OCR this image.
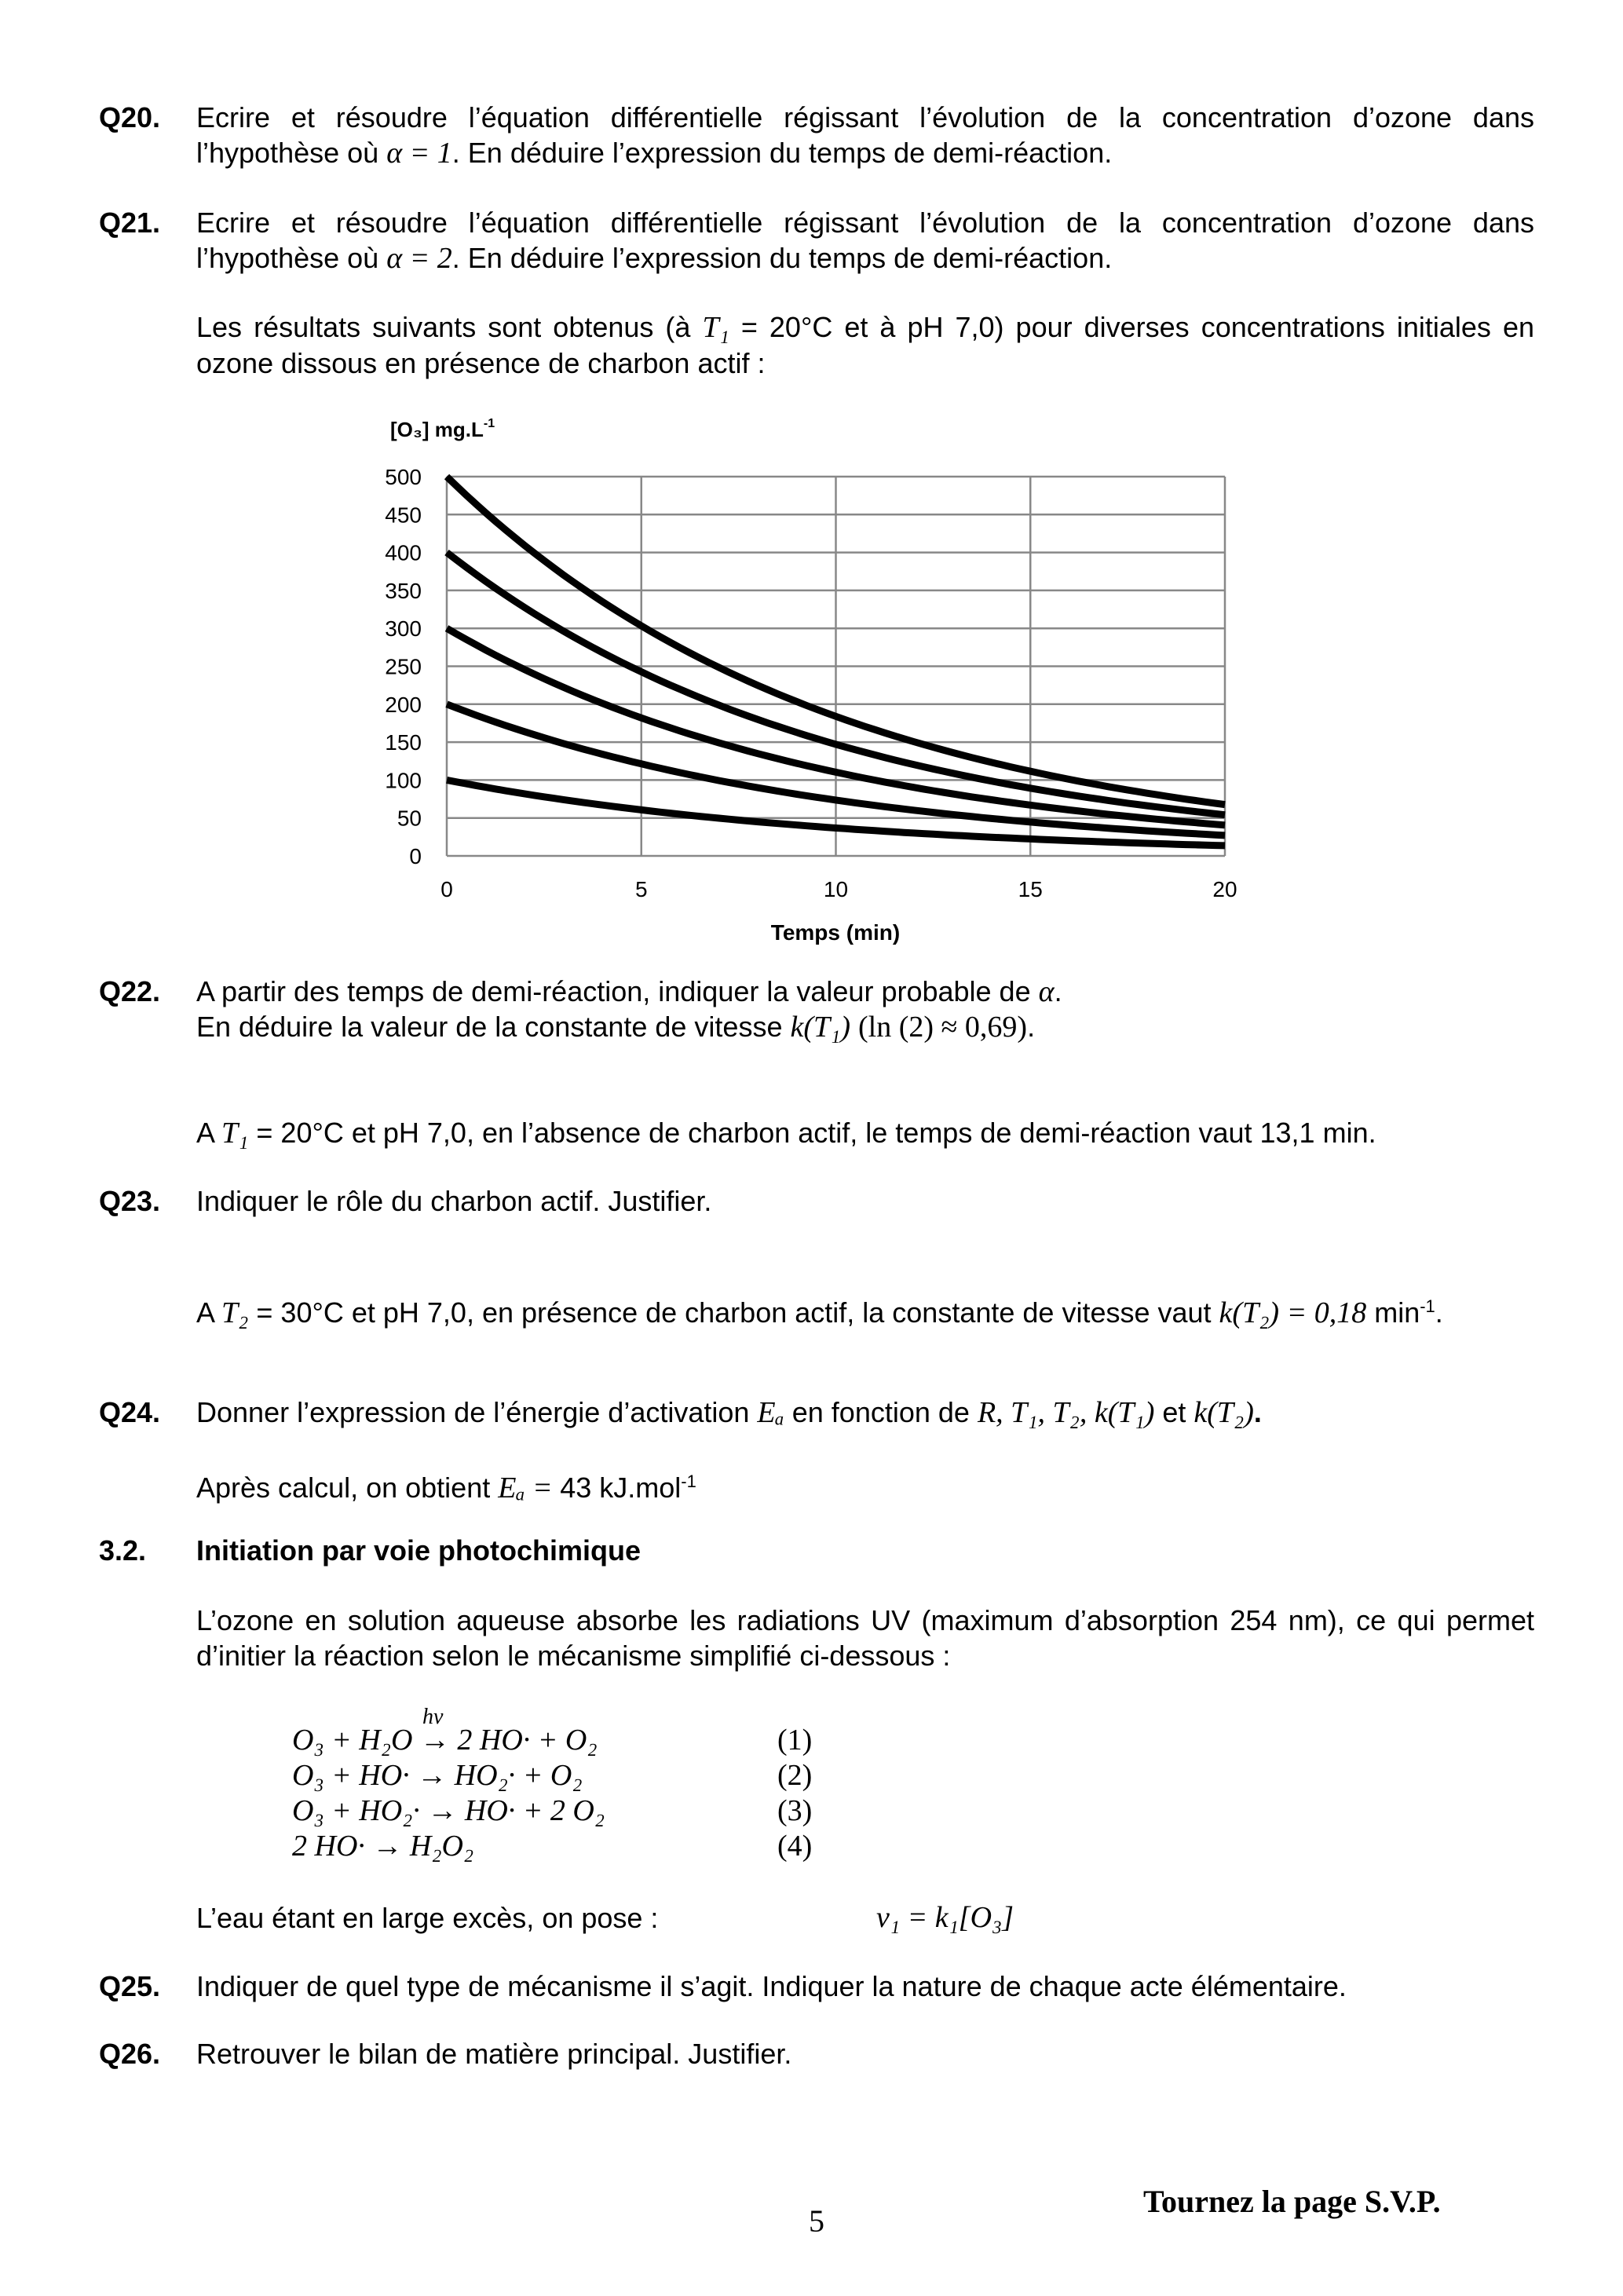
Q20. Ecrire et résoudre l’équation différentielle régissant l’évolution de la concentration d’ozone dans l’hypothèse où α = 1. En déduire l’expression du temps de demi-réaction.
Q21. Ecrire et résoudre l’équation différentielle régissant l’évolution de la concentration d’ozone dans l’hypothèse où α = 2. En déduire l’expression du temps de demi-réaction.
Les résultats suivants sont obtenus (à T₁ = 20°C et à pH 7,0) pour diverses concentrations initiales en ozone dissous en présence de charbon actif :
[O₃] $mg.L^{-1}$
0
50
100
150
200
250
300
350
400
450
500
0	5	10	15	20
Temps (min)
Q22. A partir des temps de demi-réaction, indiquer la valeur probable de α.
En déduire la valeur de la constante de vitesse k(T₁) (ln (2) ≈ 0,69).
A T₁ = 20°C et pH 7,0, en l’absence de charbon actif, le temps de demi-réaction vaut 13,1 min.
Q23. Indiquer le rôle du charbon actif. Justifier.
A T₂ = 30°C et pH 7,0, en présence de charbon actif, la constante de vitesse vaut k(T₂) = 0,18 $\min^{-1}$.
Q24. Donner l’expression de l’énergie d’activation Eₐ en fonction de R, T₁, T₂, k(T₁) et k(T₂).
Après calcul, on obtient Eₐ = 43 kJ.mol$^{-1}$
3.2. Initiation par voie photochimique
L’ozone en solution aqueuse absorbe les radiations UV (maximum d’absorption 254 nm), ce qui permet d’initier la réaction selon le mécanisme simplifié ci-dessous :
hν
O₃ + H₂O → 2 HO· + O₂	(1)
O₃ + HO· → HO₂· + O₂	(2)
O₃ + HO₂· → HO· + 2 O₂	(3)
2 HO· → H₂O₂	(4)
L’eau étant en large excès, on pose :	v₁ = k₁[O₃]
Q25. Indiquer de quel type de mécanisme il s’agit. Indiquer la nature de chaque acte élémentaire.
Q26. Retrouver le bilan de matière principal. Justifier.
5
Tournez la page S.V.P.
